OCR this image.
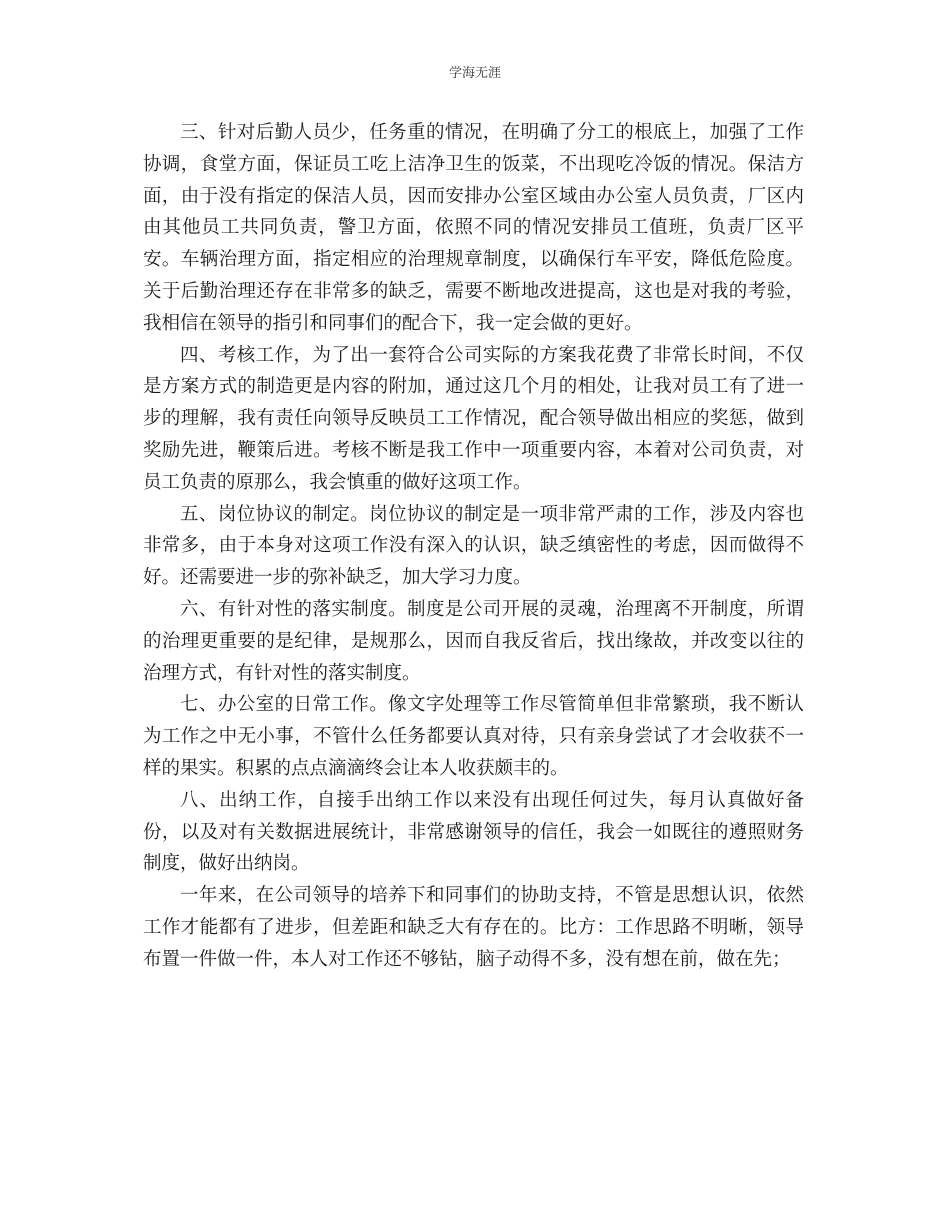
学海无涯

三、针对后勤人员少，任务重的情况，在明确了分工的根底上，加强了工作协调，食堂方面，保证员工吃上洁净卫生的饭菜，不出现吃冷饭的情况。保洁方面，由于没有指定的保洁人员，因而安排办公室区域由办公室人员负责，厂区内由其他员工共同负责，警卫方面，依照不同的情况安排员工值班，负责厂区平安。车辆治理方面，指定相应的治理规章制度，以确保行车平安，降低危险度。关于后勤治理还存在非常多的缺乏，需要不断地改进提高，这也是对我的考验，我相信在领导的指引和同事们的配合下，我一定会做的更好。

四、考核工作，为了出一套符合公司实际的方案我花费了非常长时间，不仅是方案方式的制造更是内容的附加，通过这几个月的相处，让我对员工有了进一步的理解，我有责任向领导反映员工工作情况，配合领导做出相应的奖惩，做到奖励先进，鞭策后进。考核不断是我工作中一项重要内容，本着对公司负责，对员工负责的原那么，我会慎重的做好这项工作。

五、岗位协议的制定。岗位协议的制定是一项非常严肃的工作，涉及内容也非常多，由于本身对这项工作没有深入的认识，缺乏缜密性的考虑，因而做得不好。还需要进一步的弥补缺乏，加大学习力度。

六、有针对性的落实制度。制度是公司开展的灵魂，治理离不开制度，所谓的治理更重要的是纪律，是规那么，因而自我反省后，找出缘故，并改变以往的治理方式，有针对性的落实制度。

七、办公室的日常工作。像文字处理等工作尽管简单但非常繁琐，我不断认为工作之中无小事，不管什么任务都要认真对待，只有亲身尝试了才会收获不一样的果实。积累的点点滴滴终会让本人收获颇丰的。

八、出纳工作，自接手出纳工作以来没有出现任何过失，每月认真做好备份，以及对有关数据进展统计，非常感谢领导的信任，我会一如既往的遵照财务制度，做好出纳岗。

一年来，在公司领导的培养下和同事们的协助支持，不管是思想认识，依然工作才能都有了进步，但差距和缺乏大有存在的。比方：工作思路不明晰，领导布置一件做一件，本人对工作还不够钻，脑子动得不多，没有想在前，做在先；
